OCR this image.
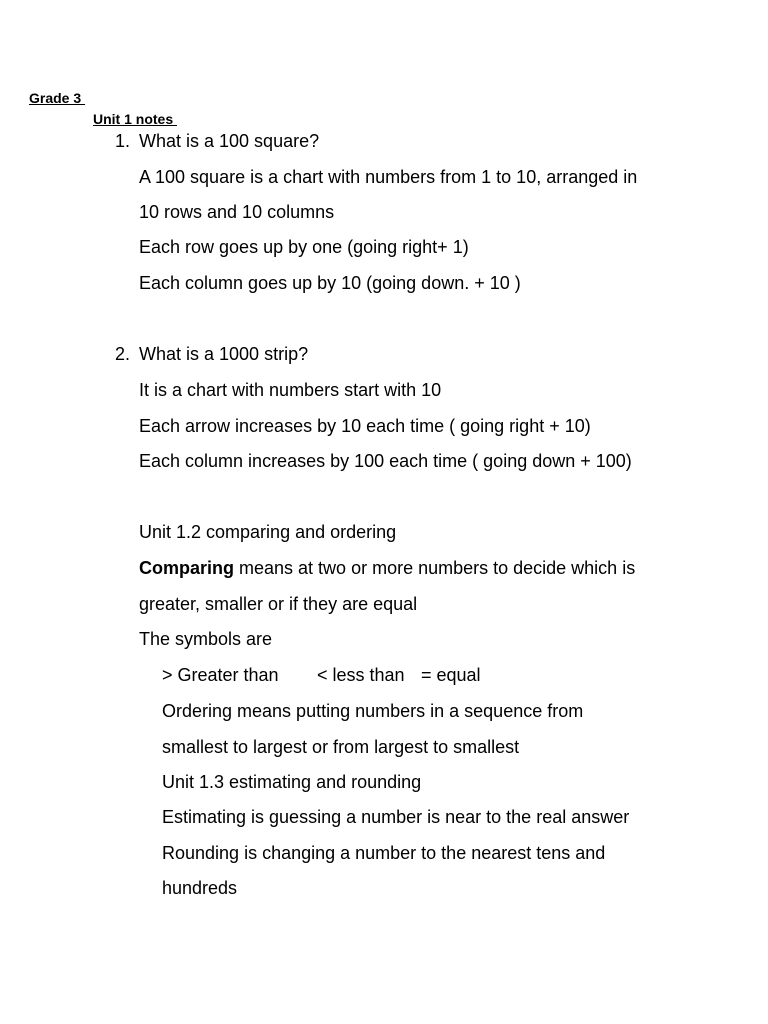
Grade 3
Unit 1 notes
1. What is a 100 square?
A 100 square is a chart with numbers from 1 to 10, arranged in
10 rows and 10 columns
Each row goes up by one (going right+ 1)
Each column goes up by 10 (going down. + 10 )
2. What is a 1000 strip?
It is a chart with numbers start with 10
Each arrow increases by 10 each time ( going right + 10)
Each column increases by 100 each time ( going down + 100)
Unit 1.2 comparing and ordering
Comparing means at two or more numbers to decide which is
greater, smaller or if they are equal
The symbols are
> Greater than < less than = equal
Ordering means putting numbers in a sequence from
smallest to largest or from largest to smallest
Unit 1.3 estimating and rounding
Estimating is guessing a number is near to the real answer
Rounding is changing a number to the nearest tens and
hundreds
